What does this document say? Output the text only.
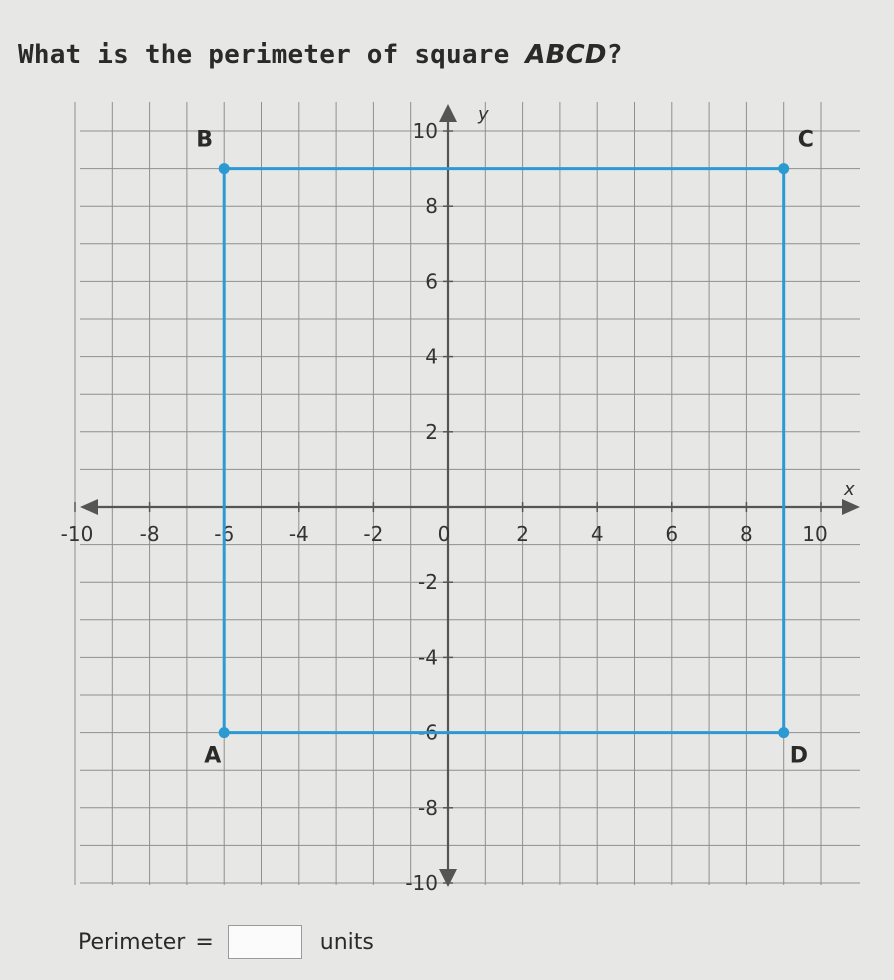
What is the perimeter of square ABCD?
y
x
-10 -8	-6	-4	-2	0	2	4	6	8 10
10
8
6
4
2
-2
-4
-6
-8
-10
A
B	C
D
Perimeter =	units
